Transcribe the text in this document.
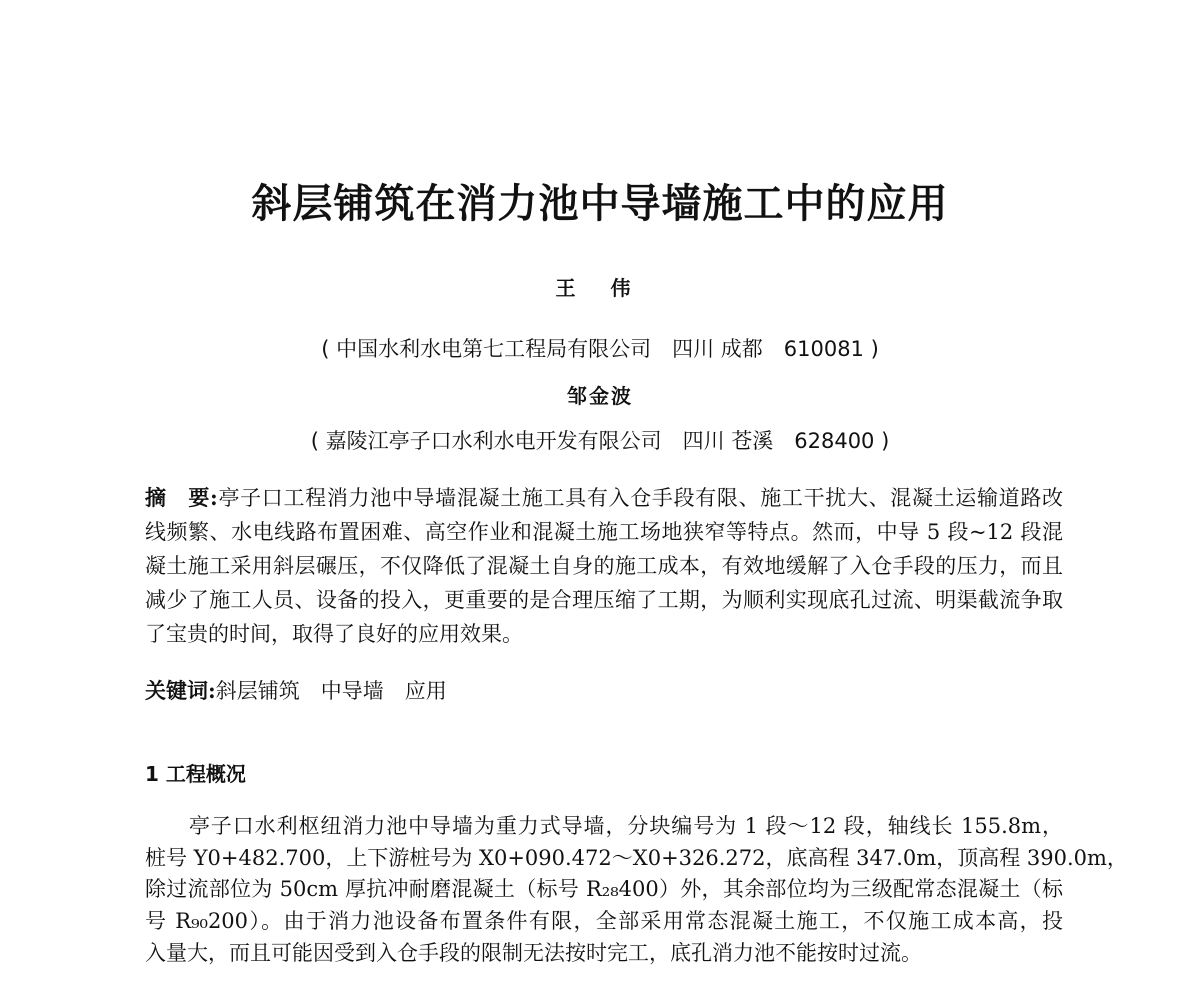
斜层铺筑在消力池中导墙施工中的应用
王 伟
( 中国水利水电第七工程局有限公司　四川 成都　610081 )
邹金波
( 嘉陵江亭子口水利水电开发有限公司　四川 苍溪　628400 )
摘　要:亭子口工程消力池中导墙混凝土施工具有入仓手段有限、施工干扰大、混凝土运输道路改
线频繁、水电线路布置困难、高空作业和混凝土施工场地狭窄等特点。然而，中导 5 段~12 段混
凝土施工采用斜层碾压，不仅降低了混凝土自身的施工成本，有效地缓解了入仓手段的压力，而且
减少了施工人员、设备的投入，更重要的是合理压缩了工期，为顺利实现底孔过流、明渠截流争取
了宝贵的时间，取得了良好的应用效果。
关键词:斜层铺筑　中导墙　应用
1 工程概况
　　亭子口水利枢纽消力池中导墙为重力式导墙，分块编号为 1 段～12 段，轴线长 155.8m，
桩号 Y0+482.700，上下游桩号为 X0+090.472～X0+326.272，底高程 347.0m，顶高程 390.0m，
除过流部位为 50cm 厚抗冲耐磨混凝土（标号 R₂₈400）外，其余部位均为三级配常态混凝土（标
号 R₉₀200）。由于消力池设备布置条件有限，全部采用常态混凝土施工，不仅施工成本高，投
入量大，而且可能因受到入仓手段的限制无法按时完工，底孔消力池不能按时过流。
